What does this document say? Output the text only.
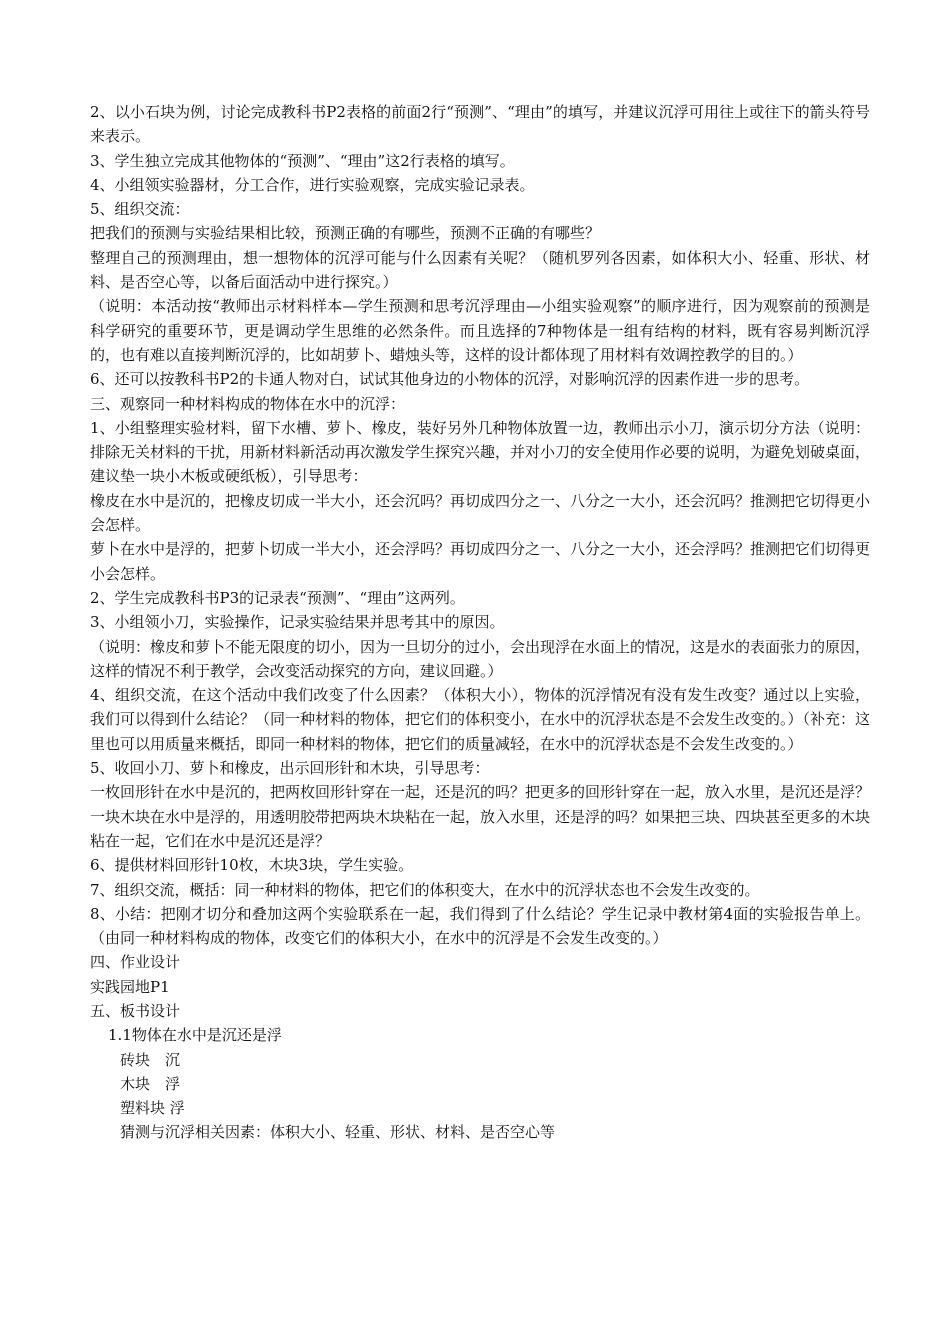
2、以小石块为例，讨论完成教科书P2表格的前面2行“预测”、“理由”的填写，并建议沉浮可用往上或往下的箭头符号来表示。

3、学生独立完成其他物体的“预测”、“理由”这2行表格的填写。

4、小组领实验器材，分工合作，进行实验观察，完成实验记录表。

5、组织交流：

把我们的预测与实验结果相比较，预测正确的有哪些，预测不正确的有哪些？

整理自己的预测理由，想一想物体的沉浮可能与什么因素有关呢？（随机罗列各因素，如体积大小、轻重、形状、材料、是否空心等，以备后面活动中进行探究。）

（说明：本活动按“教师出示材料样本—学生预测和思考沉浮理由—小组实验观察”的顺序进行，因为观察前的预测是科学研究的重要环节，更是调动学生思维的必然条件。而且选择的7种物体是一组有结构的材料，既有容易判断沉浮的，也有难以直接判断沉浮的，比如胡萝卜、蜡烛头等，这样的设计都体现了用材料有效调控教学的目的。）

6、还可以按教科书P2的卡通人物对白，试试其他身边的小物体的沉浮，对影响沉浮的因素作进一步的思考。

三、观察同一种材料构成的物体在水中的沉浮：

1、小组整理实验材料，留下水槽、萝卜、橡皮，装好另外几种物体放置一边，教师出示小刀，演示切分方法（说明：排除无关材料的干扰，用新材料新活动再次激发学生探究兴趣，并对小刀的安全使用作必要的说明，为避免划破桌面，建议垫一块小木板或硬纸板），引导思考：

橡皮在水中是沉的，把橡皮切成一半大小，还会沉吗？再切成四分之一、八分之一大小，还会沉吗？推测把它切得更小会怎样。

萝卜在水中是浮的，把萝卜切成一半大小，还会浮吗？再切成四分之一、八分之一大小，还会浮吗？推测把它们切得更小会怎样。

2、学生完成教科书P3的记录表“预测”、“理由”这两列。

3、小组领小刀，实验操作，记录实验结果并思考其中的原因。

（说明：橡皮和萝卜不能无限度的切小，因为一旦切分的过小，会出现浮在水面上的情况，这是水的表面张力的原因，这样的情况不利于教学，会改变活动探究的方向，建议回避。）

4、组织交流，在这个活动中我们改变了什么因素？（体积大小），物体的沉浮情况有没有发生改变？通过以上实验，我们可以得到什么结论？（同一种材料的物体，把它们的体积变小，在水中的沉浮状态是不会发生改变的。）（补充：这里也可以用质量来概括，即同一种材料的物体，把它们的质量减轻，在水中的沉浮状态是不会发生改变的。）

5、收回小刀、萝卜和橡皮，出示回形针和木块，引导思考：

一枚回形针在水中是沉的，把两枚回形针穿在一起，还是沉的吗？把更多的回形针穿在一起，放入水里，是沉还是浮？

一块木块在水中是浮的，用透明胶带把两块木块粘在一起，放入水里，还是浮的吗？如果把三块、四块甚至更多的木块粘在一起，它们在水中是沉还是浮？

6、提供材料回形针10枚，木块3块，学生实验。

7、组织交流，概括：同一种材料的物体，把它们的体积变大，在水中的沉浮状态也不会发生改变的。

8、小结：把刚才切分和叠加这两个实验联系在一起，我们得到了什么结论？学生记录中教材第4面的实验报告单上。（由同一种材料构成的物体，改变它们的体积大小，在水中的沉浮是不会发生改变的。）

四、作业设计

实践园地P1

五、板书设计

1.1物体在水中是沉还是浮

砖块　沉

木块　浮

塑料块 浮

猜测与沉浮相关因素：体积大小、轻重、形状、材料、是否空心等
